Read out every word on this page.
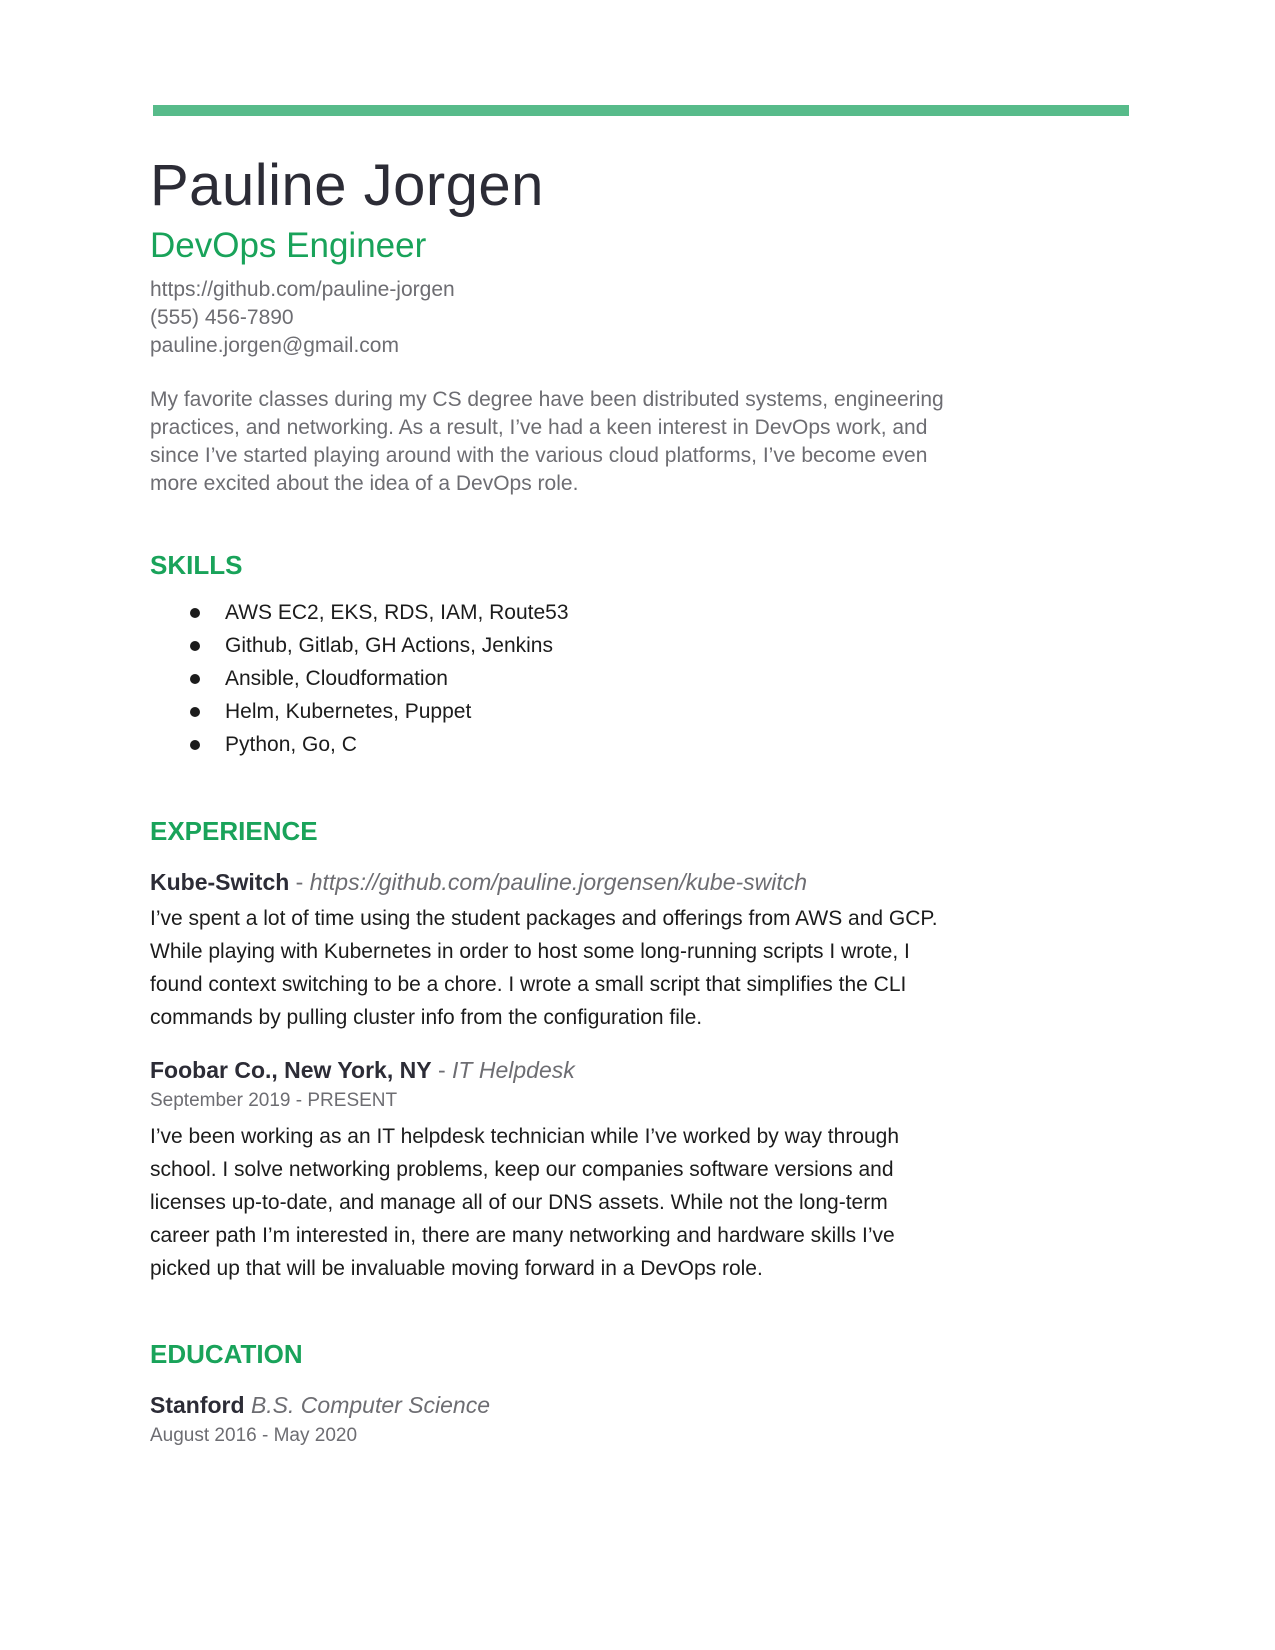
Pauline Jorgen

DevOps Engineer

https://github.com/pauline-jorgen

(555) 456-7890

pauline.jorgen@gmail.com

My favorite classes during my CS degree have been distributed systems, engineering practices, and networking. As a result, I’ve had a keen interest in DevOps work, and since I’ve started playing around with the various cloud platforms, I’ve become even more excited about the idea of a DevOps role.

SKILLS
AWS EC2, EKS, RDS, IAM, Route53
Github, Gitlab, GH Actions, Jenkins
Ansible, Cloudformation
Helm, Kubernetes, Puppet
Python, Go, C
EXPERIENCE

Kube-Switch - https://github.com/pauline.jorgensen/kube-switch

I’ve spent a lot of time using the student packages and offerings from AWS and GCP. While playing with Kubernetes in order to host some long-running scripts I wrote, I found context switching to be a chore. I wrote a small script that simplifies the CLI commands by pulling cluster info from the configuration file.

Foobar Co., New York, NY - IT Helpdesk

September 2019 - PRESENT

I’ve been working as an IT helpdesk technician while I’ve worked by way through school. I solve networking problems, keep our companies software versions and licenses up-to-date, and manage all of our DNS assets. While not the long-term career path I’m interested in, there are many networking and hardware skills I’ve picked up that will be invaluable moving forward in a DevOps role.

EDUCATION

Stanford B.S. Computer Science

August 2016 - May 2020
